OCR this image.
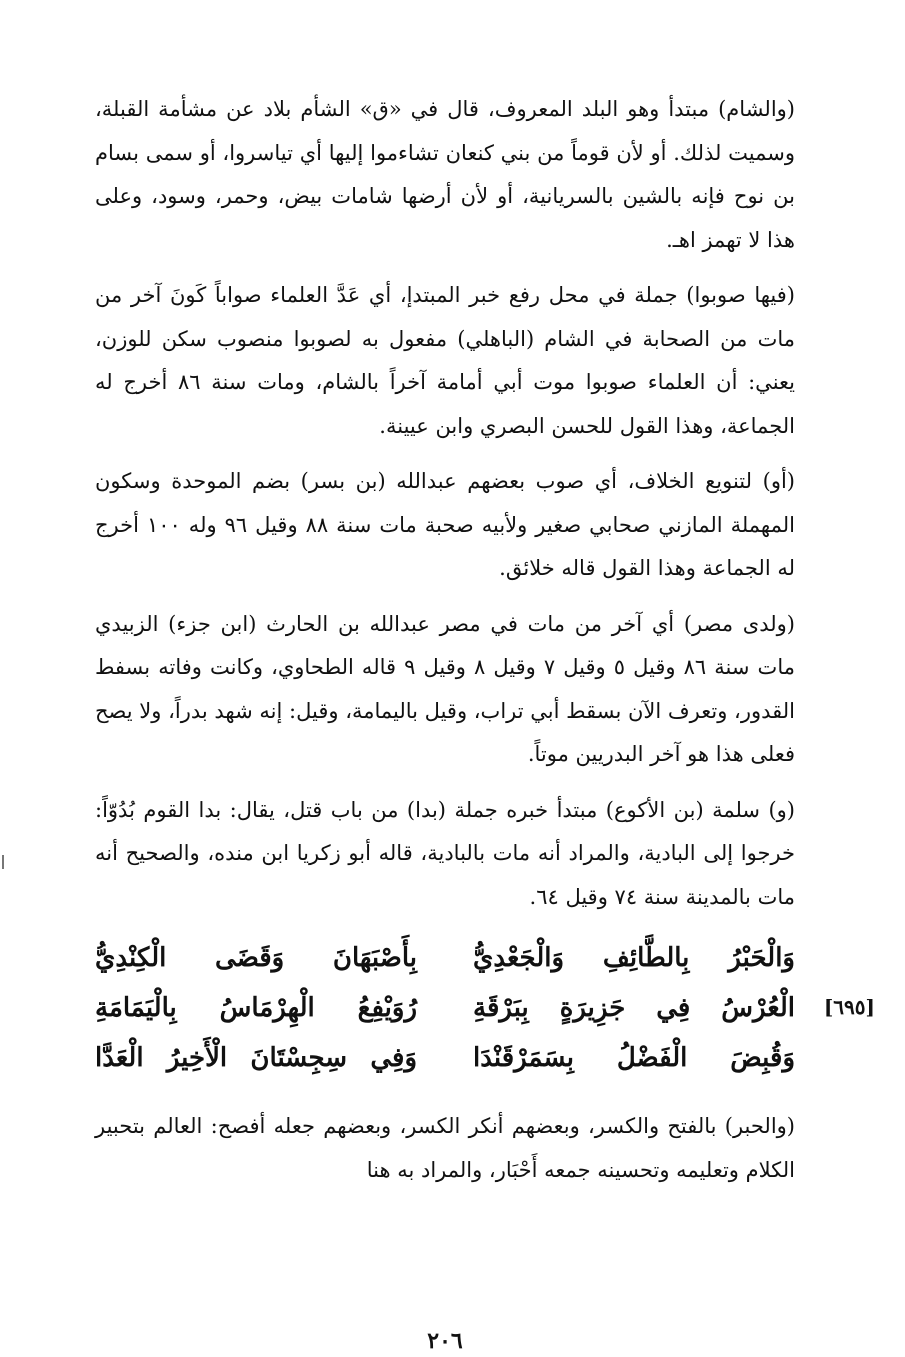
(والشام) مبتدأ وهو البلد المعروف، قال في «ق» الشأم بلاد عن مشأمة القبلة، وسميت لذلك. أو لأن قوماً من بني كنعان تشاءموا إليها أي تياسروا، أو سمى بسام بن نوح فإنه بالشين بالسريانية، أو لأن أرضها شامات بيض، وحمر، وسود، وعلى هذا لا تهمز اهـ.

(فيها صوبوا) جملة في محل رفع خبر المبتدإ، أي عَدَّ العلماء صواباً كَونَ آخر من مات من الصحابة في الشام (الباهلي) مفعول به لصوبوا منصوب سكن للوزن، يعني: أن العلماء صوبوا موت أبي أمامة آخراً بالشام، ومات سنة ٨٦ أخرج له الجماعة، وهذا القول للحسن البصري وابن عيينة.

(أو) لتنويع الخلاف، أي صوب بعضهم عبدالله (بن بسر) بضم الموحدة وسكون المهملة المازني صحابي صغير ولأبيه صحبة مات سنة ٨٨ وقيل ٩٦ وله ١٠٠ أخرج له الجماعة وهذا القول قاله خلائق.

(ولدى مصر) أي آخر من مات في مصر عبدالله بن الحارث (ابن جزء) الزبيدي مات سنة ٨٦ وقيل ٥ وقيل ٧ وقيل ٨ وقيل ٩ قاله الطحاوي، وكانت وفاته بسفط القدور، وتعرف الآن بسقط أبي تراب، وقيل باليمامة، وقيل: إنه شهد بدراً، ولا يصح فعلى هذا هو آخر البدريين موتاً.

(و) سلمة (بن الأكوع) مبتدأ خبره جملة (بدا) من باب قتل، يقال: بدا القوم بُدُوّاً: خرجوا إلى البادية، والمراد أنه مات بالبادية، قاله أبو زكريا ابن منده، والصحيح أنه مات بالمدينة سنة ٧٤ وقيل ٦٤.

[٦٩٥]
وَالْحَبْرُ بِالطَّائِفِ وَالْجَعْدِيُّ
بِأَصْبَهَانَ وَقَضَى الْكِنْدِيُّ
الْعُرْسُ فِي جَزِيرَةٍ بِبَرْقَةِ
رُوَيْفِعُ الْهِرْمَاسُ بِالْيَمَامَةِ
وَقُبِضَ الْفَضْلُ بِسَمَرْقَنْدَا
وَفِي سِجِسْتَانَ الْأَخِيرُ الْعَدَّا

(والحبر) بالفتح والكسر، وبعضهم أنكر الكسر، وبعضهم جعله أفصح: العالم بتحبير الكلام وتعليمه وتحسينه جمعه أَحْبَار، والمراد به هنا

٢٠٦
